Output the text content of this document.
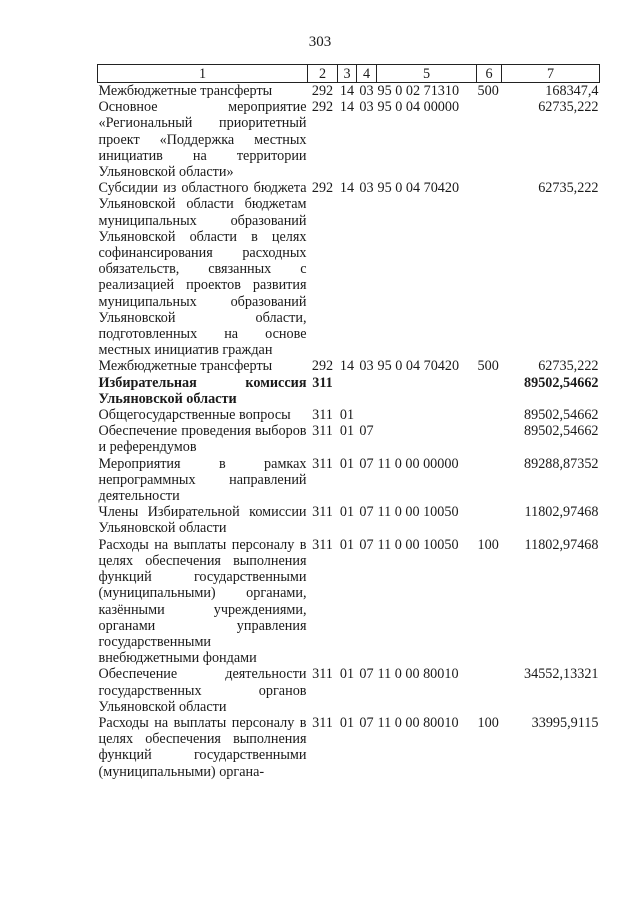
303
1	2	3	4	5	6	7
Межбюджетные трансферты	292	14	03	95 0 02 71310	500	168347,4
Основное мероприятие «Региональный приоритетный проект «Поддержка местных инициатив на территории Ульяновской области»	292	14	03	95 0 04 00000		62735,222
Субсидии из областного бюджета Ульяновской области бюджетам муниципальных образований Ульяновской области в целях софинансирования расходных обязательств, связанных с реализацией проектов развития муниципальных образований Ульяновской области, подготовленных на основе местных инициатив граждан	292	14	03	95 0 04 70420		62735,222
Межбюджетные трансферты	292	14	03	95 0 04 70420	500	62735,222
Избирательная комиссия Ульяновской области	311					89502,54662
Общегосударственные вопросы	311	01				89502,54662
Обеспечение проведения выборов и референдумов	311	01	07			89502,54662
Мероприятия в рамках непрограммных направлений деятельности	311	01	07	11 0 00 00000		89288,87352
Члены Избирательной комиссии Ульяновской области	311	01	07	11 0 00 10050		11802,97468
Расходы на выплаты персоналу в целях обеспечения выполнения функций государственными (муниципальными) органами, казёнными учреждениями, органами управления государственными внебюджетными фондами	311	01	07	11 0 00 10050	100	11802,97468
Обеспечение деятельности государственных органов Ульяновской области	311	01	07	11 0 00 80010		34552,13321
Расходы на выплаты персоналу в целях обеспечения выполнения функций государственными (муниципальными) органа-	311	01	07	11 0 00 80010	100	33995,9115
